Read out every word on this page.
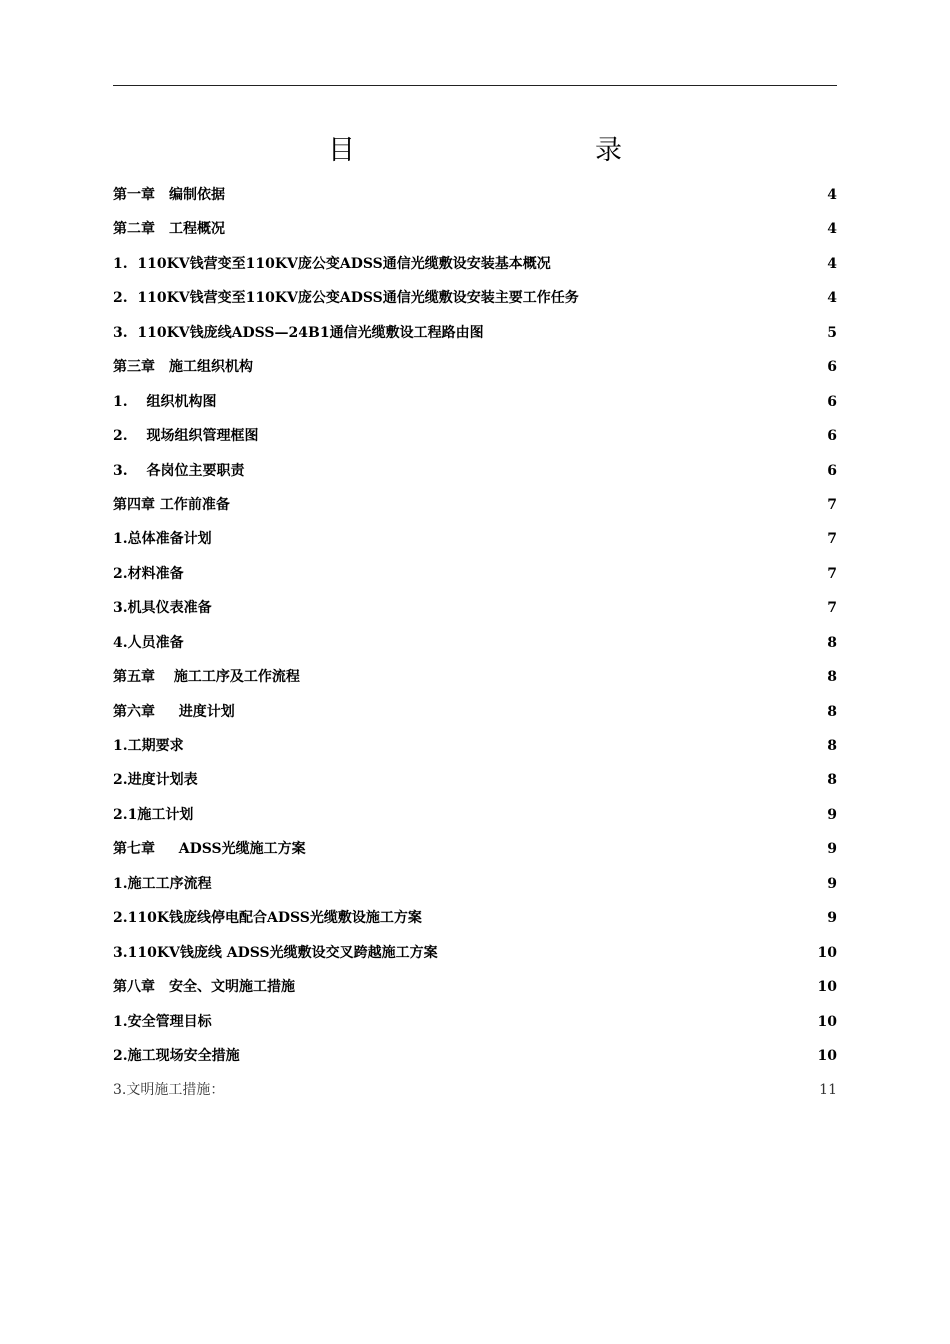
目　　录
第一章　编制依据	4
第二章　工程概况	4
1.  110KV钱营变至110KV庞公变ADSS通信光缆敷设安装基本概况	4
2.  110KV钱营变至110KV庞公变ADSS通信光缆敷设安装主要工作任务	4
3.  110KV钱庞线ADSS—24B1通信光缆敷设工程路由图	5
第三章　施工组织机构	6
1.　 组织机构图	6
2.　 现场组织管理框图	6
3.　 各岗位主要职责	6
第四章 工作前准备	7
1.总体准备计划	7
2.材料准备	7
3.机具仪表准备	7
4.人员准备	8
第五章　 施工工序及工作流程	8
第六章　  进度计划	8
1.工期要求	8
2.进度计划表	8
2.1施工计划	9
第七章　  ADSS光缆施工方案	9
1.施工工序流程	9
2.110K钱庞线停电配合ADSS光缆敷设施工方案	9
3.110KV钱庞线 ADSS光缆敷设交叉跨越施工方案	10
第八章　安全、文明施工措施	10
1.安全管理目标	10
2.施工现场安全措施	10
3.文明施工措施：	11
